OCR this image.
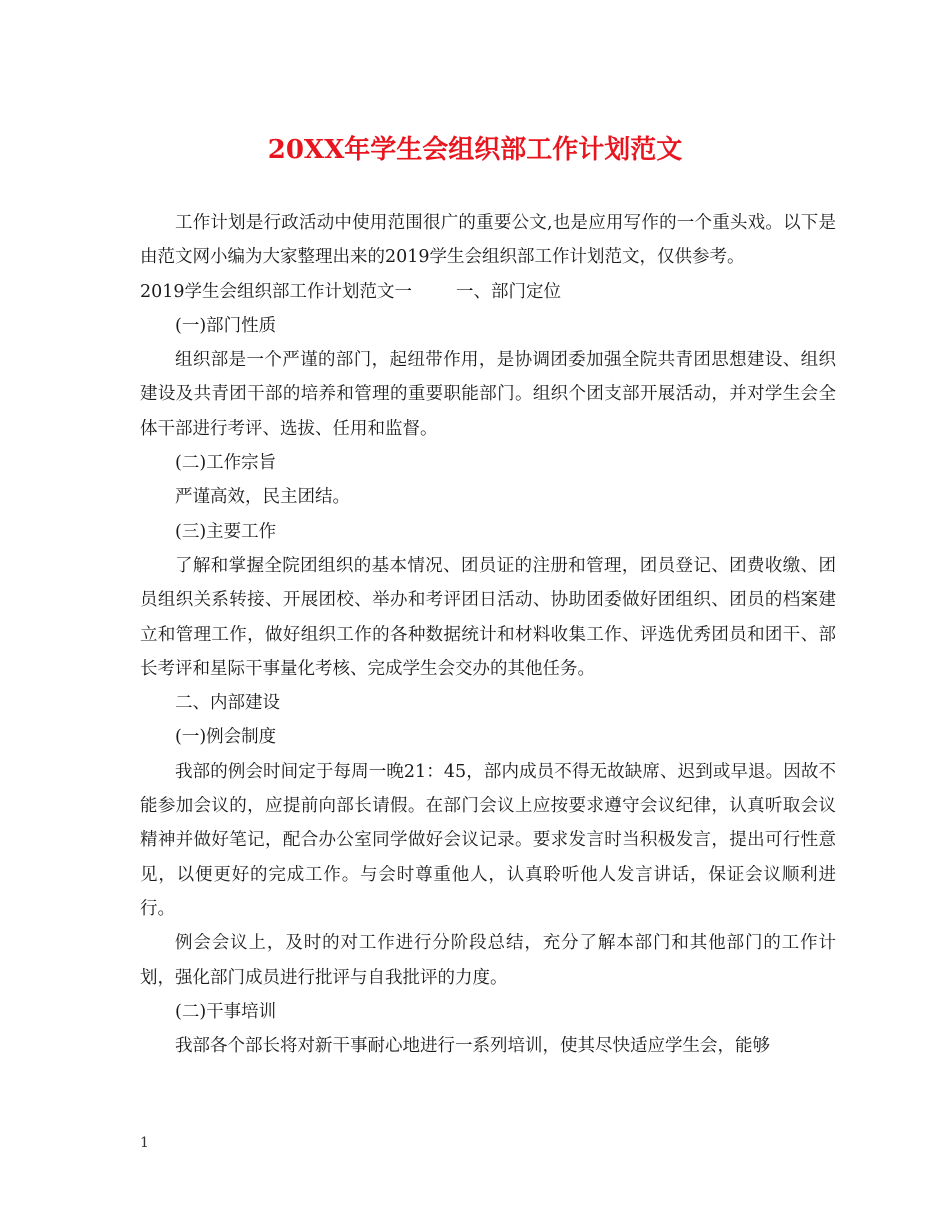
20XX年学生会组织部工作计划范文

工作计划是行政活动中使用范围很广的重要公文,也是应用写作的一个重头戏。以下是由范文网小编为大家整理出来的2019学生会组织部工作计划范文，仅供参考。

2019学生会组织部工作计划范文一	一、部门定位

(一)部门性质

组织部是一个严谨的部门，起纽带作用，是协调团委加强全院共青团思想建设、组织建设及共青团干部的培养和管理的重要职能部门。组织个团支部开展活动，并对学生会全体干部进行考评、选拔、任用和监督。

(二)工作宗旨

严谨高效，民主团结。

(三)主要工作

了解和掌握全院团组织的基本情况、团员证的注册和管理，团员登记、团费收缴、团员组织关系转接、开展团校、举办和考评团日活动、协助团委做好团组织、团员的档案建立和管理工作，做好组织工作的各种数据统计和材料收集工作、评选优秀团员和团干、部长考评和星际干事量化考核、完成学生会交办的其他任务。

二、内部建设

(一)例会制度

我部的例会时间定于每周一晚21：45，部内成员不得无故缺席、迟到或早退。因故不能参加会议的，应提前向部长请假。在部门会议上应按要求遵守会议纪律，认真听取会议精神并做好笔记，配合办公室同学做好会议记录。要求发言时当积极发言，提出可行性意见，以便更好的完成工作。与会时尊重他人，认真聆听他人发言讲话，保证会议顺利进行。

例会会议上，及时的对工作进行分阶段总结，充分了解本部门和其他部门的工作计划，强化部门成员进行批评与自我批评的力度。

(二)干事培训

我部各个部长将对新干事耐心地进行一系列培训，使其尽快适应学生会，能够

1
